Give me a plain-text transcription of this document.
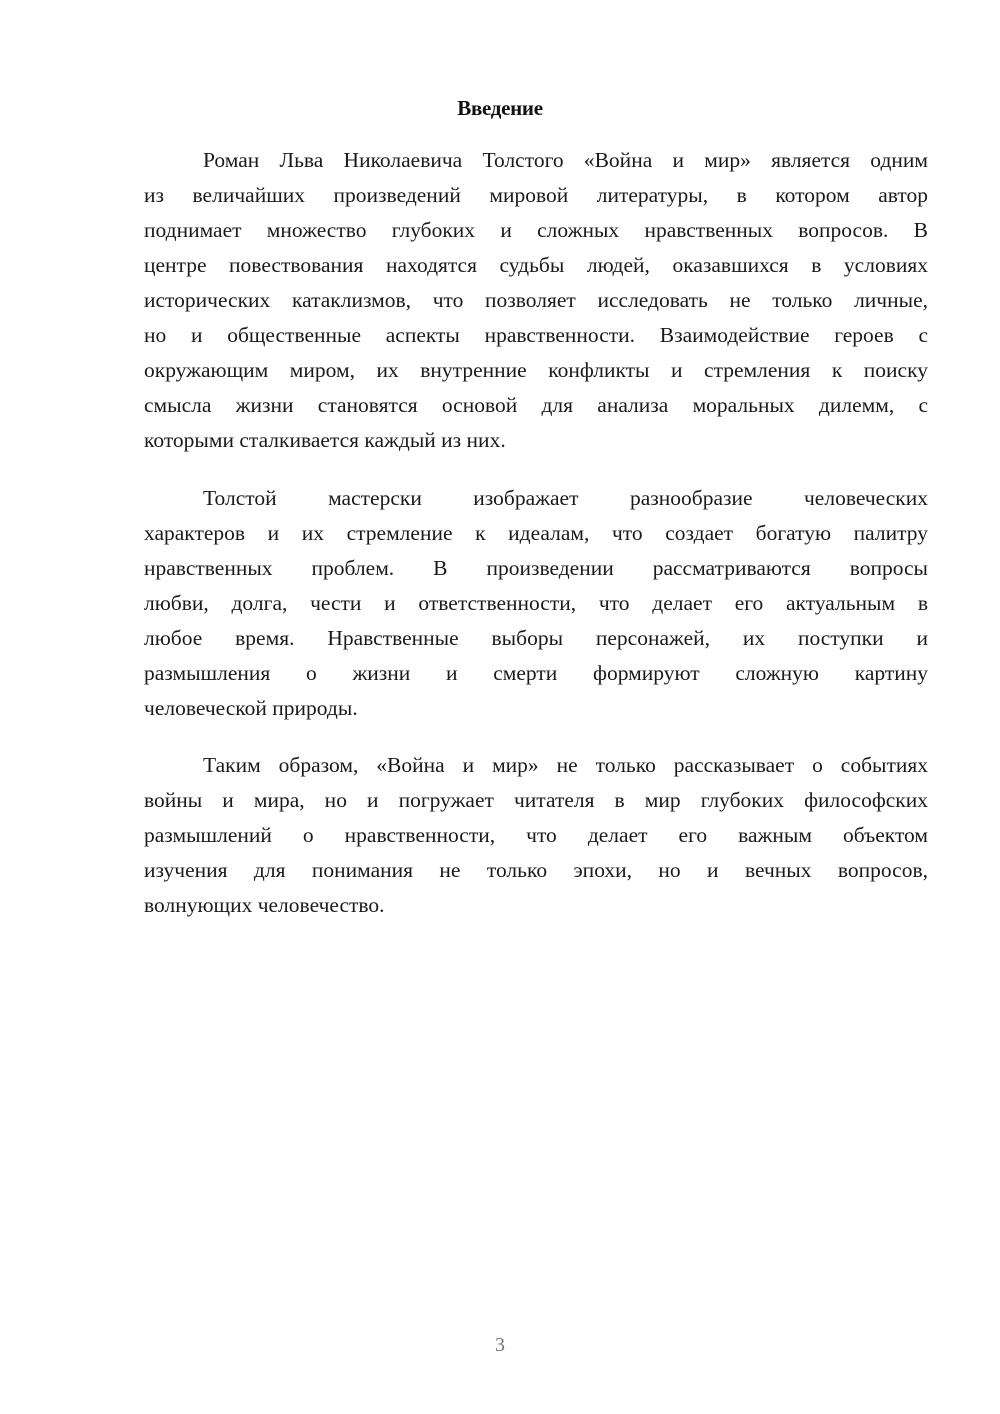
Введение
Роман Льва Николаевича Толстого «Война и мир» является одним
из величайших произведений мировой литературы, в котором автор
поднимает множество глубоких и сложных нравственных вопросов. В
центре повествования находятся судьбы людей, оказавшихся в условиях
исторических катаклизмов, что позволяет исследовать не только личные,
но и общественные аспекты нравственности. Взаимодействие героев с
окружающим миром, их внутренние конфликты и стремления к поиску
смысла жизни становятся основой для анализа моральных дилемм, с
которыми сталкивается каждый из них.
Толстой мастерски изображает разнообразие человеческих
характеров и их стремление к идеалам, что создает богатую палитру
нравственных проблем. В произведении рассматриваются вопросы
любви, долга, чести и ответственности, что делает его актуальным в
любое время. Нравственные выборы персонажей, их поступки и
размышления о жизни и смерти формируют сложную картину
человеческой природы.
Таким образом, «Война и мир» не только рассказывает о событиях
войны и мира, но и погружает читателя в мир глубоких философских
размышлений о нравственности, что делает его важным объектом
изучения для понимания не только эпохи, но и вечных вопросов,
волнующих человечество.
3
